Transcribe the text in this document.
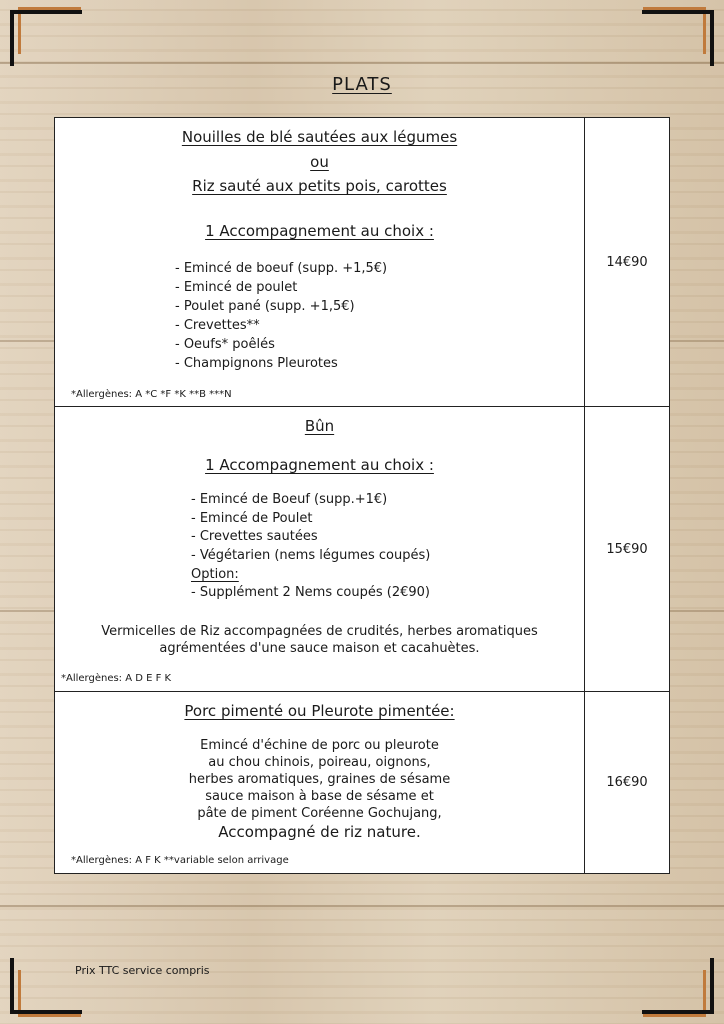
PLATS
Nouilles de blé sautées aux légumes
ou
Riz sauté aux petits pois, carottes
1 Accompagnement au choix :
- Emincé de boeuf (supp. +1,5€)
- Emincé de poulet
- Poulet pané (supp. +1,5€)
- Crevettes**
- Oeufs* poêlés
- Champignons Pleurotes
*Allergènes: A *C *F *K **B ***N
14€90
Bûn
1 Accompagnement au choix :
- Emincé de Boeuf (supp.+1€)
- Emincé de Poulet
- Crevettes sautées
- Végétarien (nems légumes coupés)
Option:
- Supplément 2 Nems coupés (2€90)
Vermicelles de Riz accompagnées de crudités, herbes aromatiques
agrémentées d'une sauce maison et cacahuètes.
*Allergènes: A D E F K
15€90
Porc pimenté ou Pleurote pimentée:
Emincé d'échine de porc ou pleurote
au chou chinois, poireau, oignons,
herbes aromatiques, graines de sésame
sauce maison à base de sésame et
pâte de piment Coréenne Gochujang,
Accompagné de riz nature.
*Allergènes: A F K **variable selon arrivage
16€90
Prix TTC service compris
